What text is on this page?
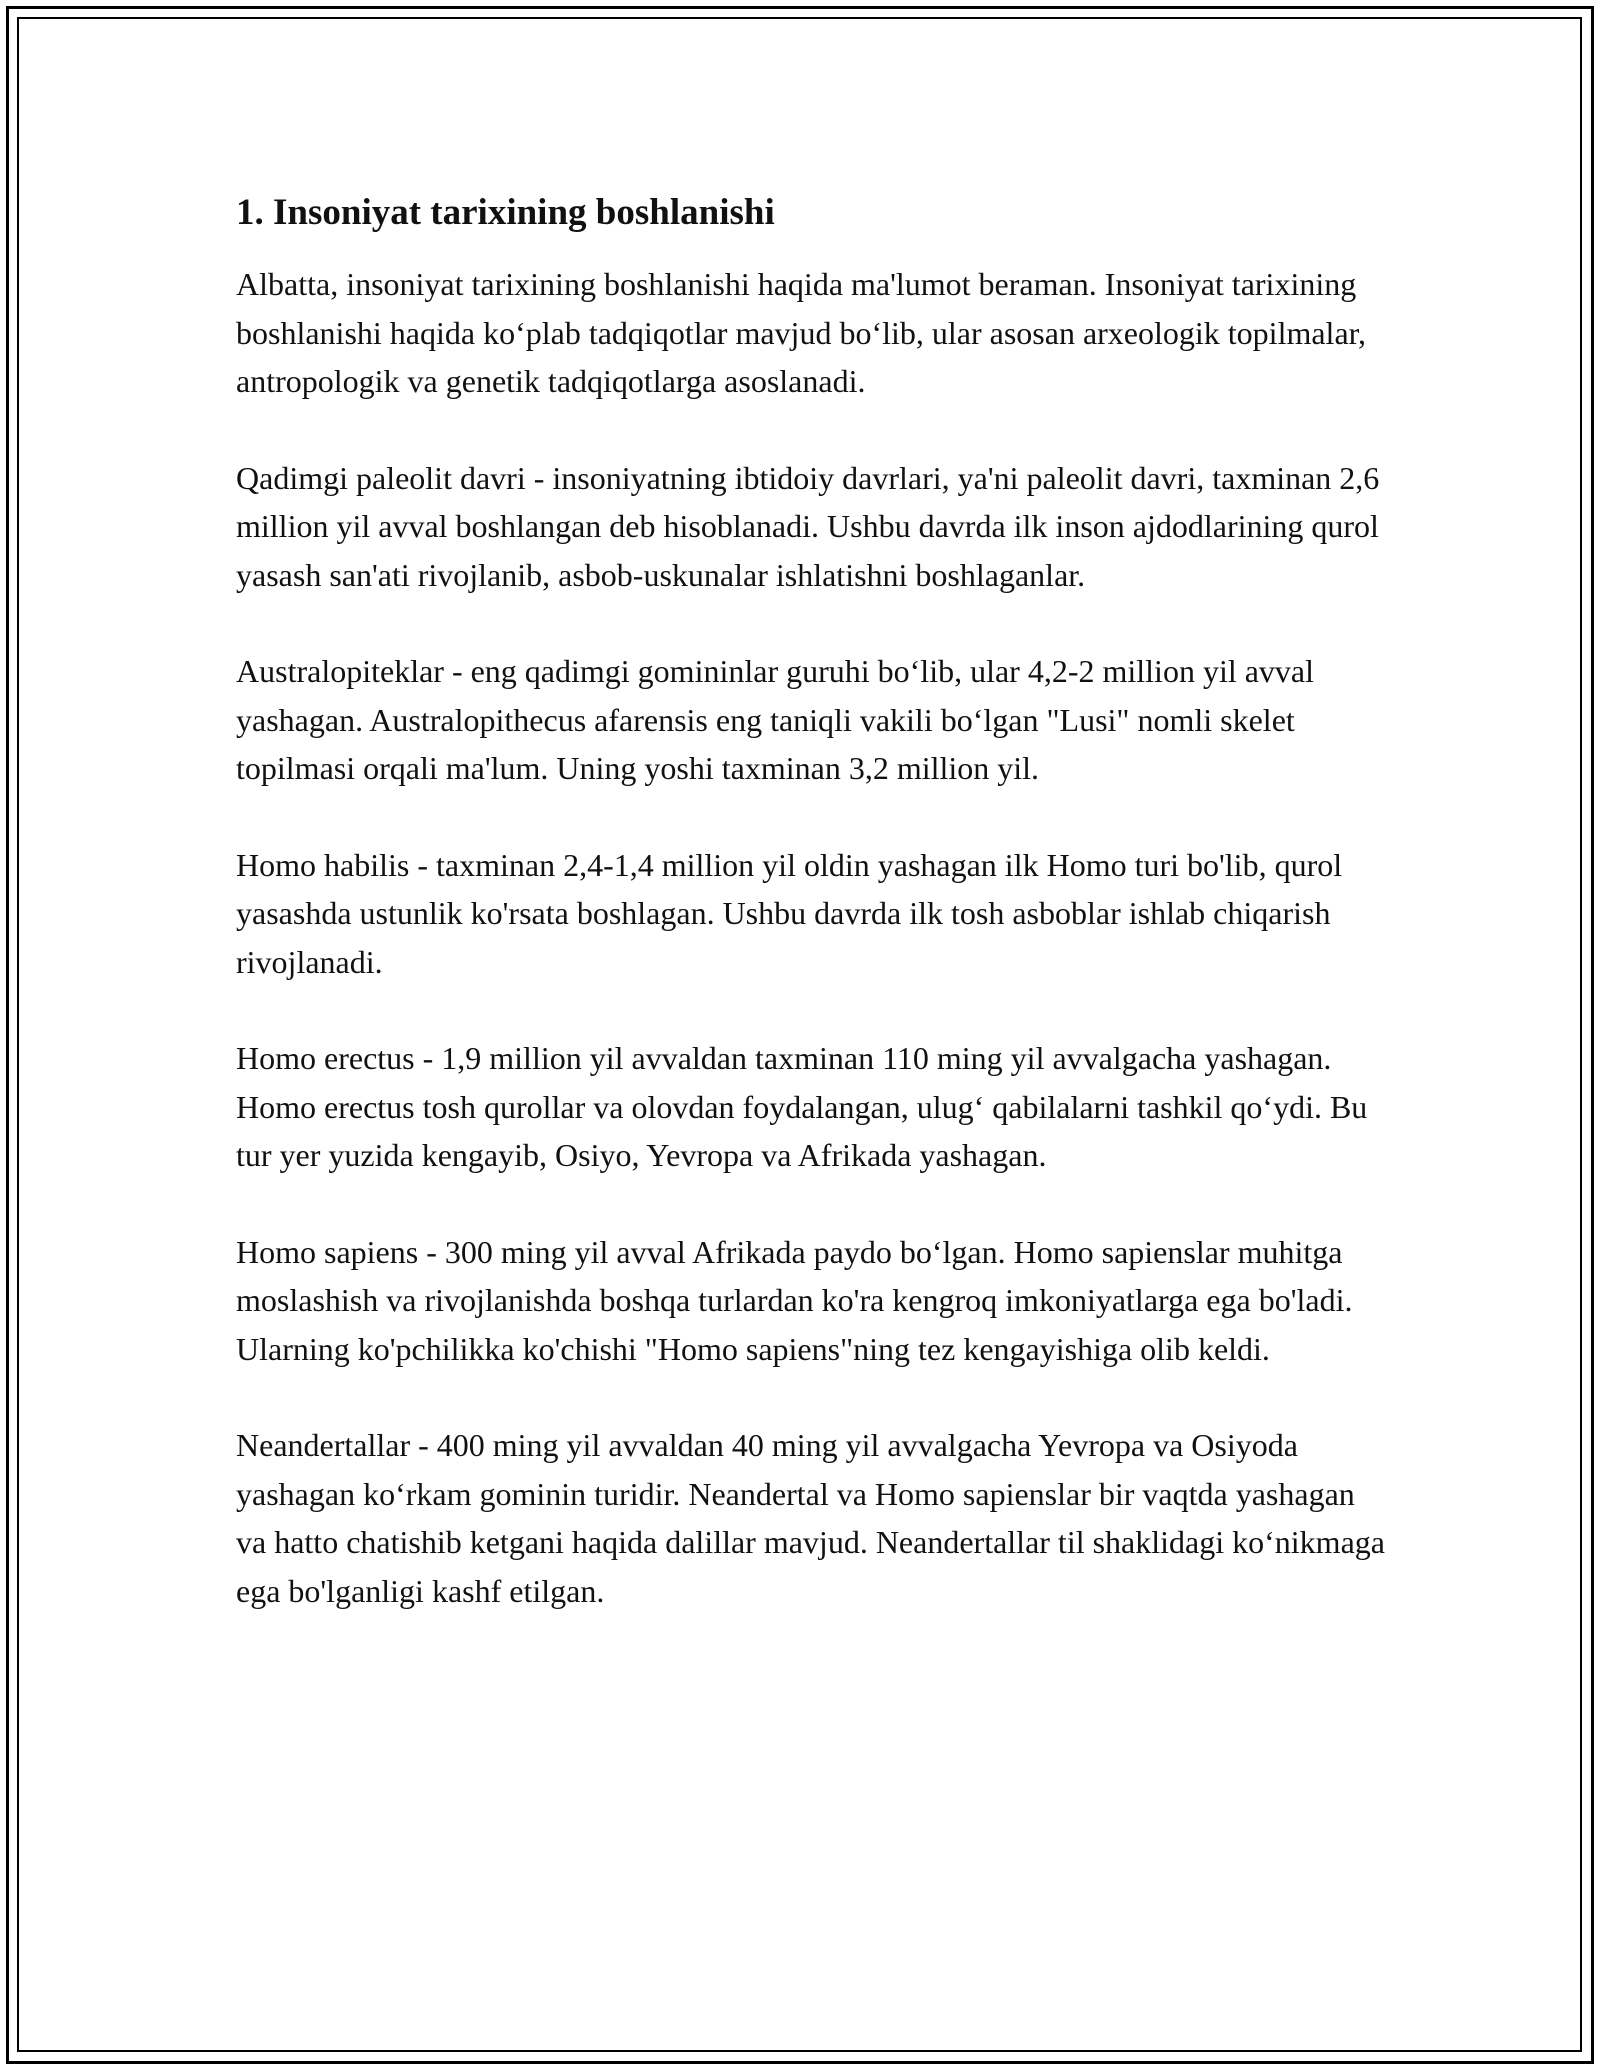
1. Insoniyat tarixining boshlanishi

Albatta, insoniyat tarixining boshlanishi haqida ma'lumot beraman. Insoniyat tarixining boshlanishi haqida ko‘plab tadqiqotlar mavjud bo‘lib, ular asosan arxeologik topilmalar, antropologik va genetik tadqiqotlarga asoslanadi.

Qadimgi paleolit davri - insoniyatning ibtidoiy davrlari, ya'ni paleolit davri, taxminan 2,6 million yil avval boshlangan deb hisoblanadi. Ushbu davrda ilk inson ajdodlarining qurol yasash san'ati rivojlanib, asbob-uskunalar ishlatishni boshlaganlar.

Australopiteklar - eng qadimgi gomininlar guruhi bo‘lib, ular 4,2-2 million yil avval yashagan. Australopithecus afarensis eng taniqli vakili bo‘lgan "Lusi" nomli skelet topilmasi orqali ma'lum. Uning yoshi taxminan 3,2 million yil.

Homo habilis - taxminan 2,4-1,4 million yil oldin yashagan ilk Homo turi bo'lib, qurol yasashda ustunlik ko'rsata boshlagan. Ushbu davrda ilk tosh asboblar ishlab chiqarish rivojlanadi.

Homo erectus - 1,9 million yil avvaldan taxminan 110 ming yil avvalgacha yashagan. Homo erectus tosh qurollar va olovdan foydalangan, ulug‘ qabilalarni tashkil qo‘ydi. Bu tur yer yuzida kengayib, Osiyo, Yevropa va Afrikada yashagan.

Homo sapiens - 300 ming yil avval Afrikada paydo bo‘lgan. Homo sapienslar muhitga moslashish va rivojlanishda boshqa turlardan ko'ra kengroq imkoniyatlarga ega bo'ladi. Ularning ko'pchilikka ko'chishi "Homo sapiens"ning tez kengayishiga olib keldi.

Neandertallar - 400 ming yil avvaldan 40 ming yil avvalgacha Yevropa va Osiyoda yashagan ko‘rkam gominin turidir. Neandertal va Homo sapienslar bir vaqtda yashagan va hatto chatishib ketgani haqida dalillar mavjud. Neandertallar til shaklidagi ko‘nikmaga ega bo'lganligi kashf etilgan.
